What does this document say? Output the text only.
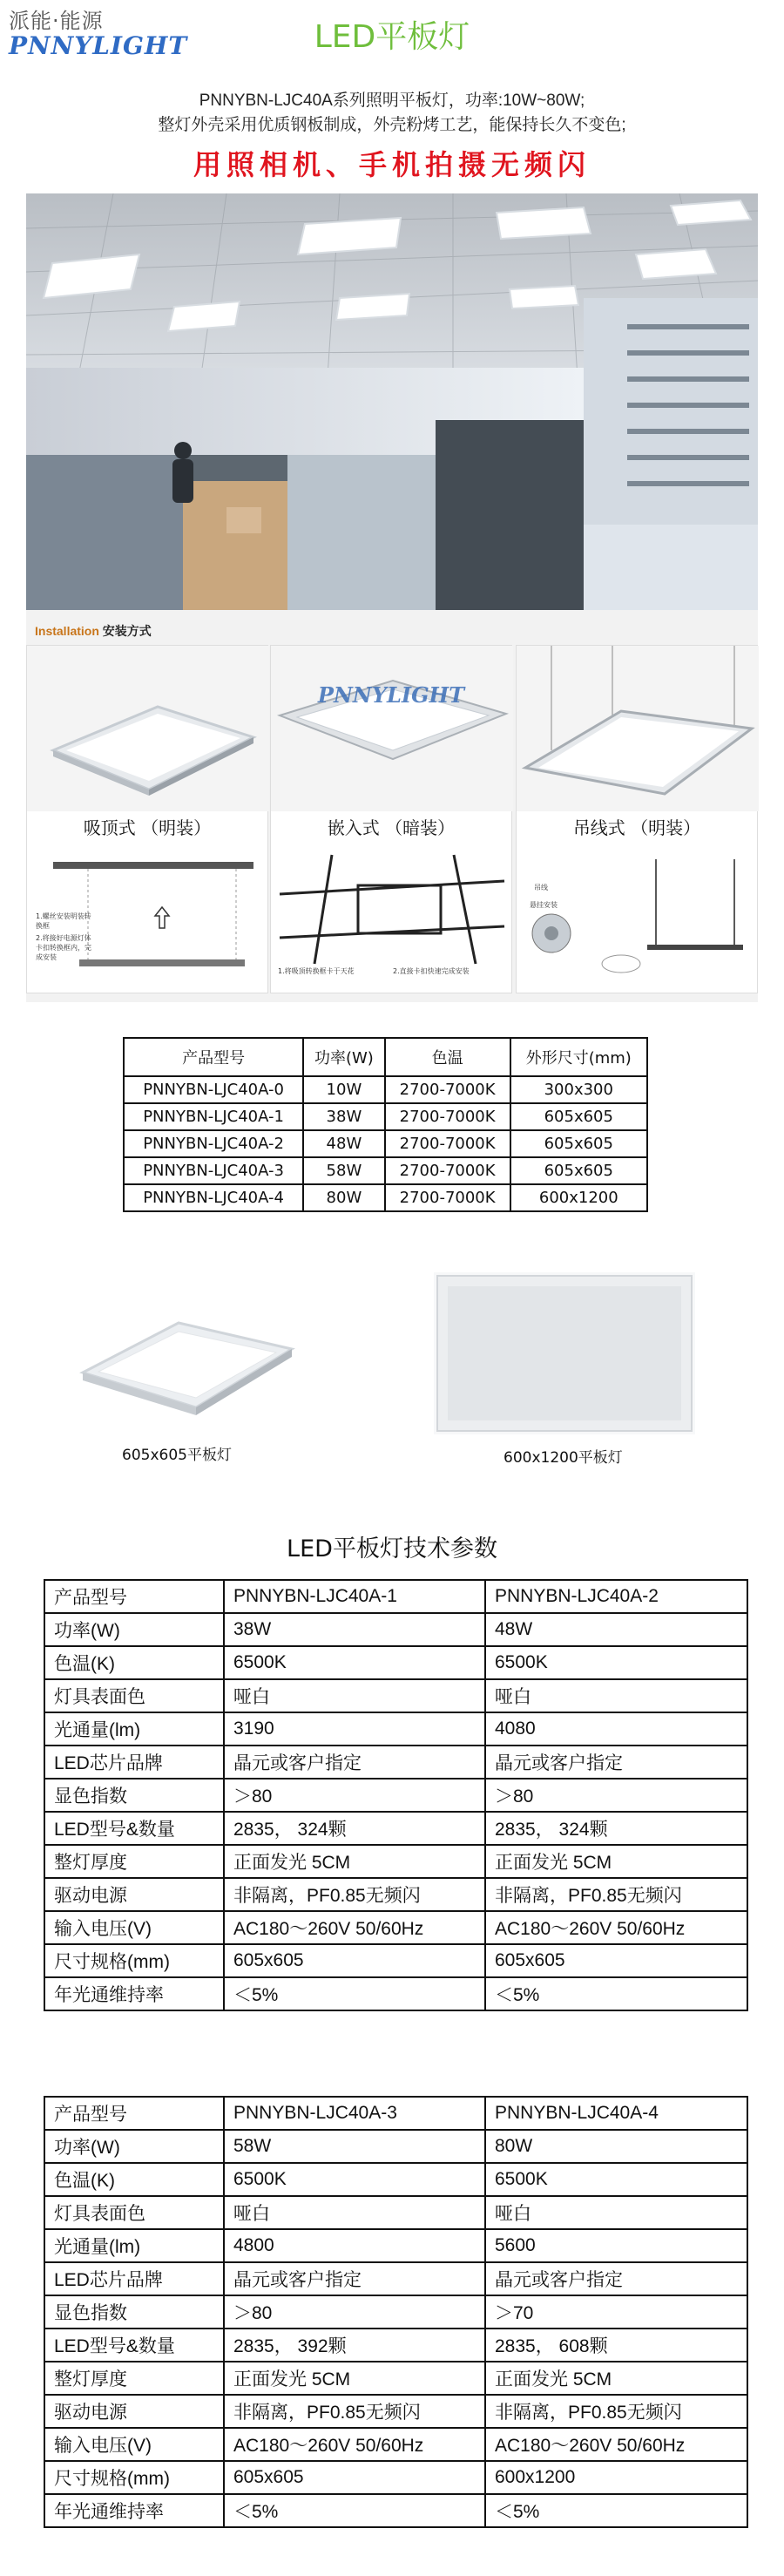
派能·能源
PNNYLIGHT	LED平板灯
PNNYBN-LJC40A系列照明平板灯，功率:10W~80W;
整灯外壳采用优质钢板制成，外壳粉烤工艺，能保持长久不变色;
用照相机、手机拍摄无频闪
Installation 安装方式
吸顶式 （明装）
1.螺丝安装明装转换框
2.将接好电源灯体卡扣转换框内，完成安装
PNNYLIGHT
嵌入式 （暗装）
1.将吸顶转换框卡于天花	2.直接卡扣快速完成安装
吊线式 （明装）
吊线
悬挂安装
产品型号	功率(W)	色温	外形尺寸(mm)
PNNYBN-LJC40A-0	10W	2700-7000K	300x300
PNNYBN-LJC40A-1	38W	2700-7000K	605x605
PNNYBN-LJC40A-2	48W	2700-7000K	605x605
PNNYBN-LJC40A-3	58W	2700-7000K	605x605
PNNYBN-LJC40A-4	80W	2700-7000K	600x1200
605x605平板灯	600x1200平板灯
LED平板灯技术参数
产品型号	PNNYBN-LJC40A-1	PNNYBN-LJC40A-2
功率(W)	38W	48W
色温(K)	6500K	6500K
灯具表面色	哑白	哑白
光通量(lm)	3190	4080
LED芯片品牌	晶元或客户指定	晶元或客户指定
显色指数	＞80	＞80
LED型号&数量	2835， 324颗	2835， 324颗
整灯厚度	正面发光 5CM	正面发光 5CM
驱动电源	非隔离，PF0.85无频闪	非隔离，PF0.85无频闪
输入电压(V)	AC180～260V 50/60Hz	AC180～260V 50/60Hz
尺寸规格(mm)	605x605	605x605
年光通维持率	＜5%	＜5%
产品型号	PNNYBN-LJC40A-3	PNNYBN-LJC40A-4
功率(W)	58W	80W
色温(K)	6500K	6500K
灯具表面色	哑白	哑白
光通量(lm)	4800	5600
LED芯片品牌	晶元或客户指定	晶元或客户指定
显色指数	＞80	＞70
LED型号&数量	2835， 392颗	2835， 608颗
整灯厚度	正面发光 5CM	正面发光 5CM
驱动电源	非隔离，PF0.85无频闪	非隔离，PF0.85无频闪
输入电压(V)	AC180～260V 50/60Hz	AC180～260V 50/60Hz
尺寸规格(mm)	605x605	600x1200
年光通维持率	＜5%	＜5%
